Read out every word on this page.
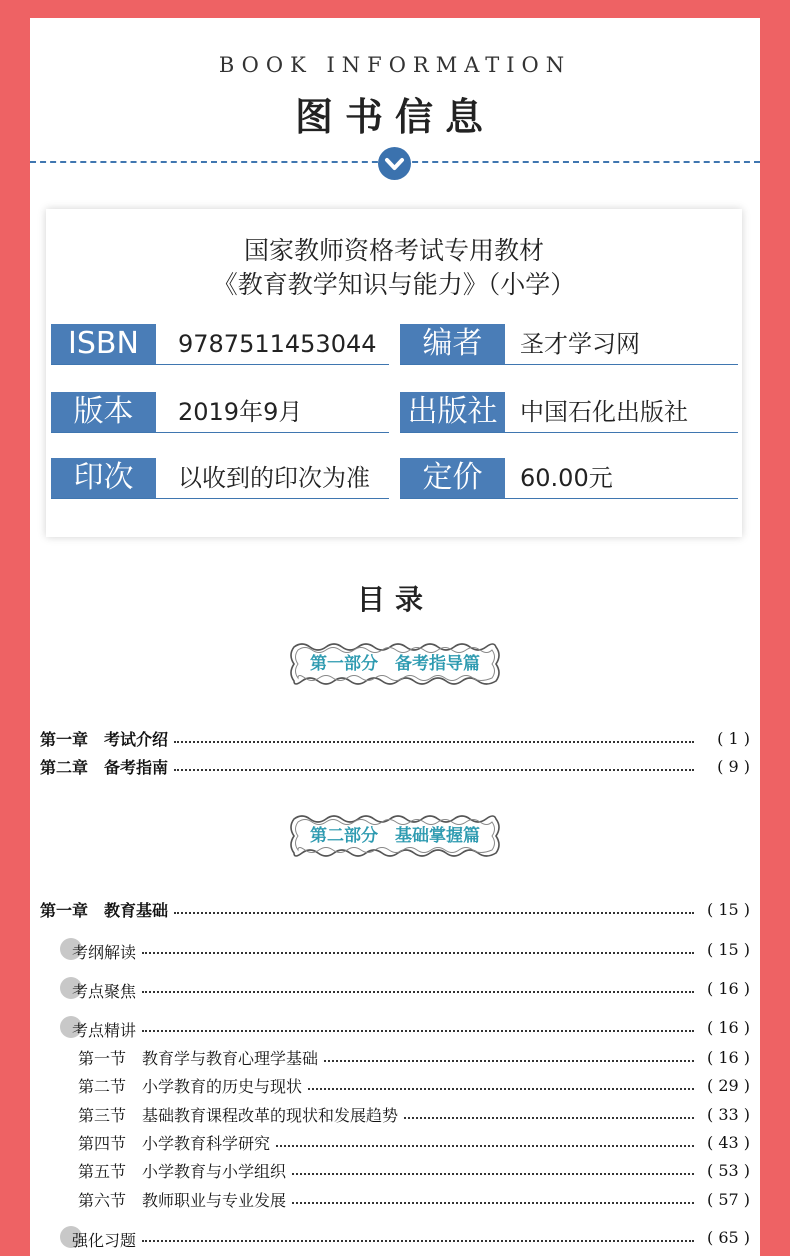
BOOK INFORMATION
图书信息
国家教师资格考试专用教材
《教育教学知识与能力》（小学）
ISBN	9787511453044	编者	圣才学习网
版本	2019年9月	出版社 中国石化出版社
印次	以收到的印次为准	定价	60.00元
目录
第一部分　备考指导篇
第一章　 考试介绍	( 1 )
第二章　 备考指南	( 9 )
第二部分　基础掌握篇
第一章　 教育基础	( 15 )
考纲解读	( 15 )
考点聚焦	( 16 )
考点精讲	( 16 )
第一节　 教育学与教育心理学基础	( 16 )
第二节　 小学教育的历史与现状	( 29 )
第三节　 基础教育课程改革的现状和发展趋势	( 33 )
第四节　 小学教育科学研究	( 43 )
第五节　 小学教育与小学组织	( 53 )
第六节　 教师职业与专业发展	( 57 )
强化习题	( 65 )
